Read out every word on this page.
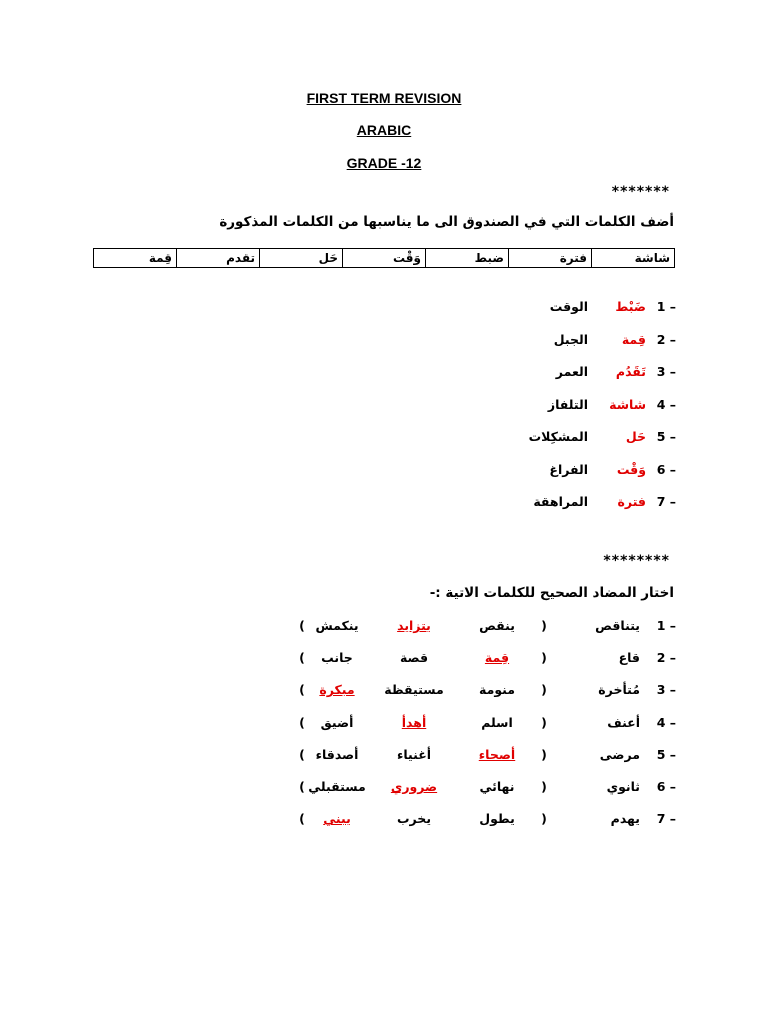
FIRST TERM REVISION
ARABIC
GRADE -12
*******
أضف الكلمات التي في الصندوق الى ما يناسبها من الكلمات المذكورة
شاشة
فترة
ضبط
وَقْت
حَل
تقدم
قِمة
1 –
ضَبْط
الوقت
2 –
قِمة
الجبل
3 –
تَقَدُم
العمر
4 –
شاشة
التلفاز
5 –
حَل
المشكِلات
6 –
وَقْت
الفراغ
7 –
فترة
المراهقة
********
اختار المضاد الصحيح للكلمات الاتية :-
1 –
يتناقص
(
ينقص
يتزايد
ينكمش
)
2 –
قاع
(
قِمة
قصة
جانب
)
3 –
مُتأخرة
(
منومة
مستيقظة
مبكرة
)
4 –
أعنف
(
اسلم
أهدأ
أضيق
)
5 –
مرضى
(
أصحاء
أغنياء
أصدقاء
)
6 –
ثانوي
(
نهائي
ضروري
مستقبلي
)
7 –
يهدم
(
يطول
يخرب
يبني
)
